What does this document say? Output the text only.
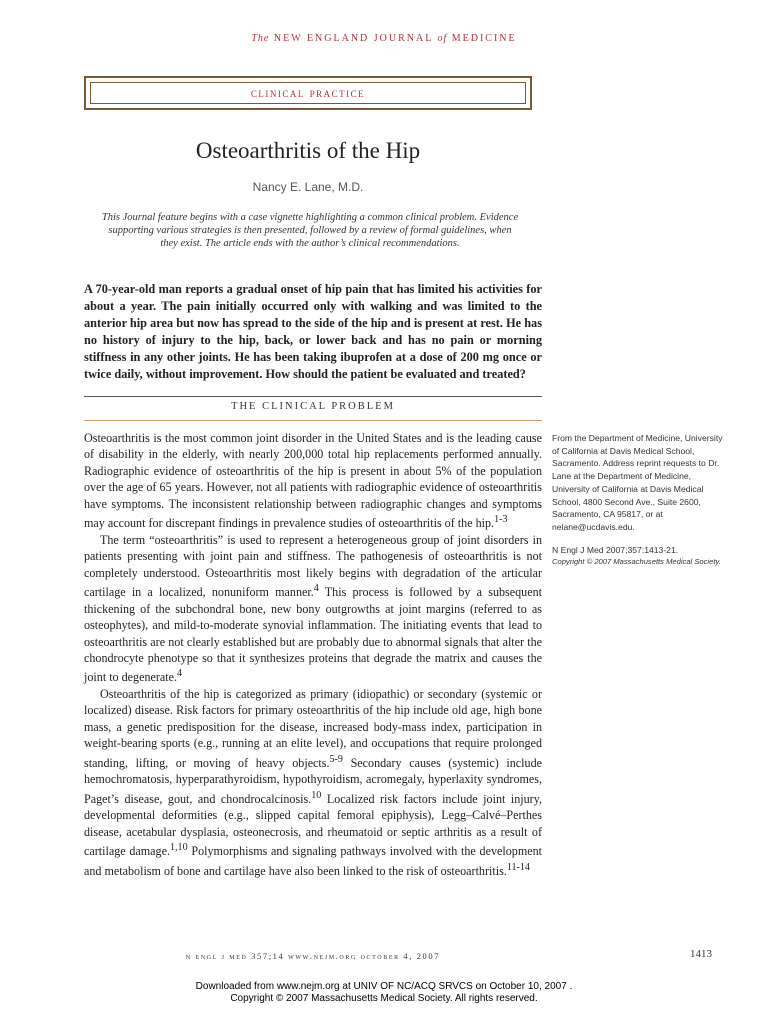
The NEW ENGLAND JOURNAL of MEDICINE
clinical practice
Osteoarthritis of the Hip
Nancy E. Lane, M.D.
This Journal feature begins with a case vignette highlighting a common clinical problem. Evidence supporting various strategies is then presented, followed by a review of formal guidelines, when they exist. The article ends with the author’s clinical recommendations.
A 70-year-old man reports a gradual onset of hip pain that has limited his activities for about a year. The pain initially occurred only with walking and was limited to the anterior hip area but now has spread to the side of the hip and is present at rest. He has no history of injury to the hip, back, or lower back and has no pain or morning stiffness in any other joints. He has been taking ibuprofen at a dose of 200 mg once or twice daily, without improvement. How should the patient be evaluated and treated?
THE CLINICAL PROBLEM

Osteoarthritis is the most common joint disorder in the United States and is the leading cause of disability in the elderly, with nearly 200,000 total hip replacements performed annually. Radiographic evidence of osteoarthritis of the hip is present in about 5% of the population over the age of 65 years. However, not all patients with radiographic evidence of osteoarthritis have symptoms. The inconsistent relationship between radiographic changes and symptoms may account for discrepant findings in prevalence studies of osteoarthritis of the hip.$^{1-3}$

The term “osteoarthritis” is used to represent a heterogeneous group of joint disorders in patients presenting with joint pain and stiffness. The pathogenesis of osteoarthritis is not completely understood. Osteoarthritis most likely begins with degradation of the articular cartilage in a localized, nonuniform manner.$^4$ This process is followed by a subsequent thickening of the subchondral bone, new bony outgrowths at joint margins (referred to as osteophytes), and mild-to-moderate synovial inflammation. The initiating events that lead to osteoarthritis are not clearly established but are probably due to abnormal signals that alter the chondrocyte phenotype so that it synthesizes proteins that degrade the matrix and causes the joint to degenerate.$^4$

Osteoarthritis of the hip is categorized as primary (idiopathic) or secondary (systemic or localized) disease. Risk factors for primary osteoarthritis of the hip include old age, high bone mass, a genetic predisposition for the disease, increased body-mass index, participation in weight-bearing sports (e.g., running at an elite level), and occupations that require prolonged standing, lifting, or moving of heavy objects.$^{5-9}$ Secondary causes (systemic) include hemochromatosis, hyperparathyroidism, hypothyroidism, acromegaly, hyperlaxity syndromes, Paget’s disease, gout, and chondrocalcinosis.$^{10}$ Localized risk factors include joint injury, developmental deformities (e.g., slipped capital femoral epiphysis), Legg–Calvé–Perthes disease, acetabular dysplasia, osteonecrosis, and rheumatoid or septic arthritis as a result of cartilage damage.$^{1,10}$ Polymorphisms and signaling pathways involved with the development and metabolism of bone and cartilage have also been linked to the risk of osteoarthritis.$^{11-14}$

From the Department of Medicine, University of California at Davis Medical School, Sacramento. Address reprint requests to Dr. Lane at the Department of Medicine, University of California at Davis Medical School, 4800 Second Ave., Suite 2600, Sacramento, CA 95817, or at nelane@ucdavis.edu.

N Engl J Med 2007;357:1413-21.

Copyright © 2007 Massachusetts Medical Society.

n engl j med 357;14 www.nejm.org october 4, 2007	1413
Downloaded from www.nejm.org at UNIV OF NC/ACQ SRVCS on October 10, 2007 .
Copyright © 2007 Massachusetts Medical Society. All rights reserved.
